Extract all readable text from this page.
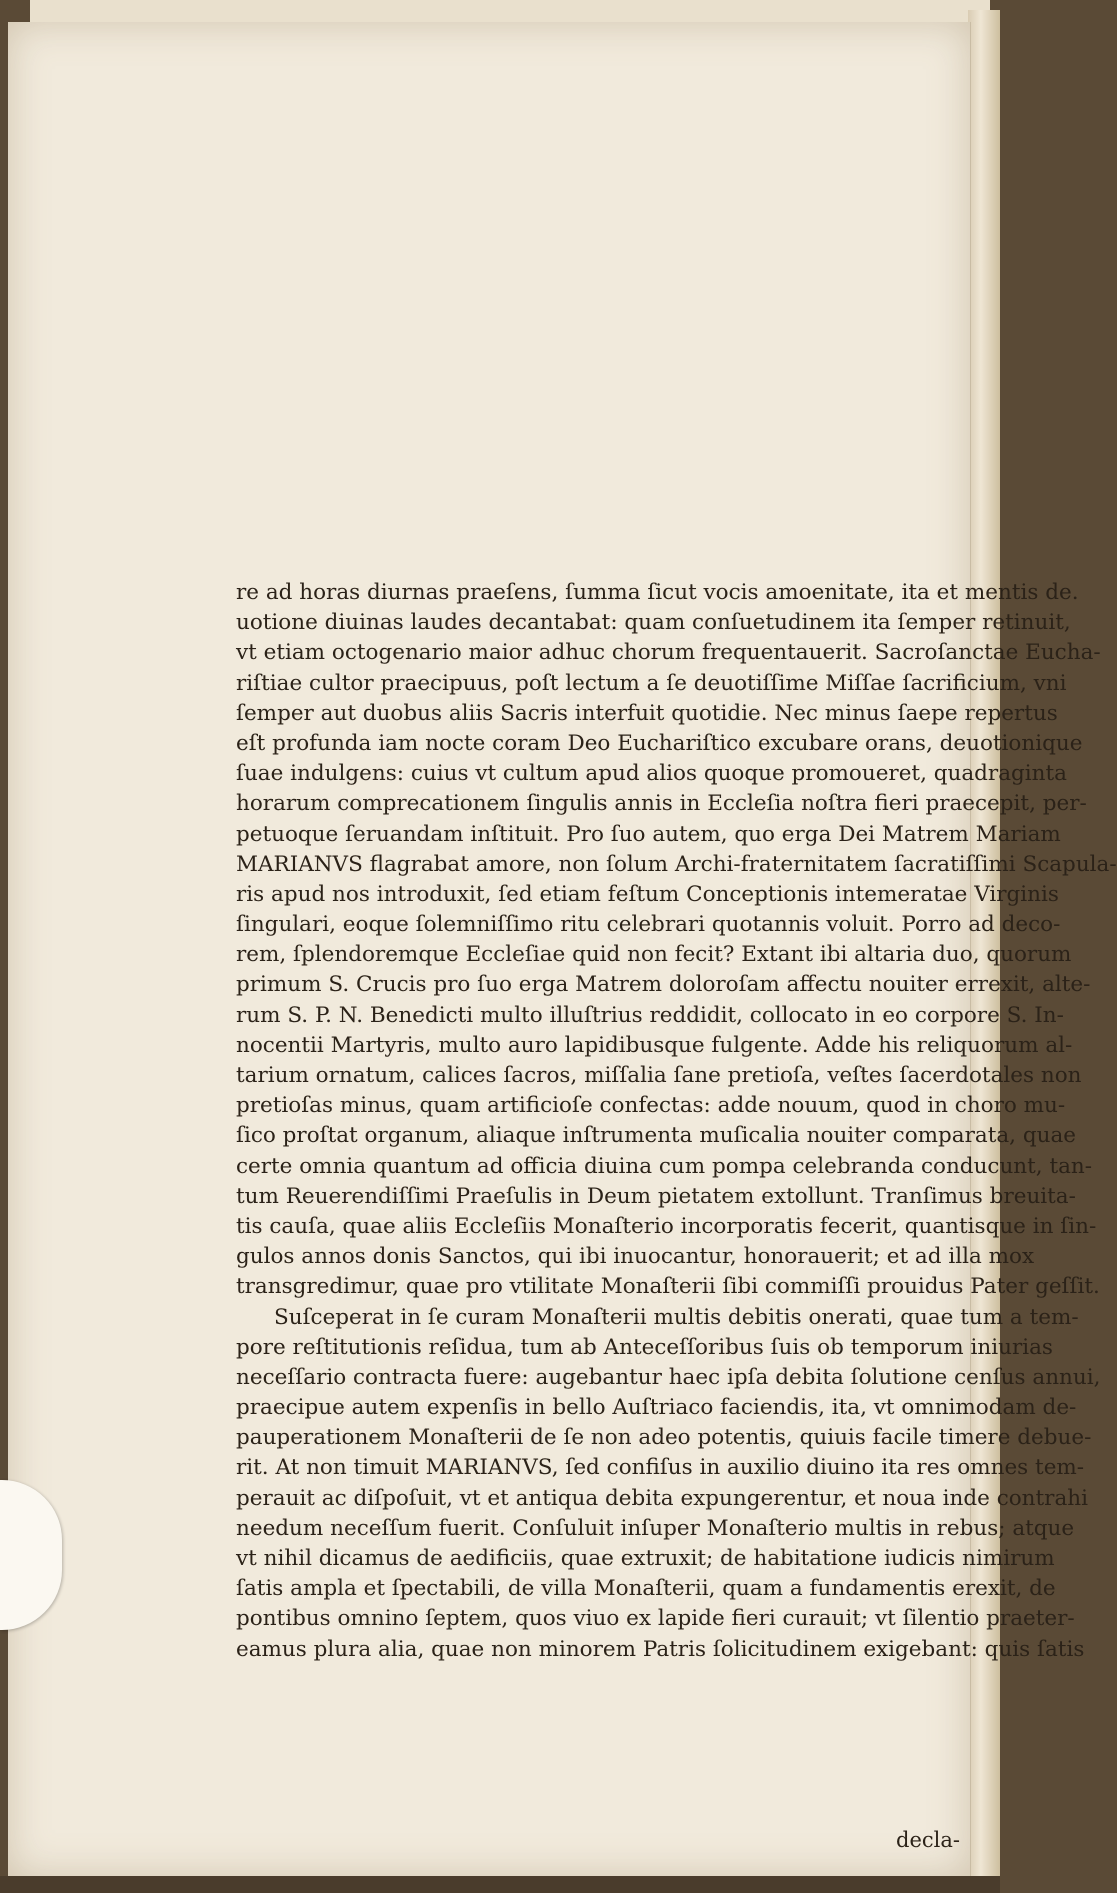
re ad horas diurnas praeſens, ſumma ſicut vocis amoenitate, ita et mentis de.
uotione diuinas laudes decantabat: quam conſuetudinem ita ſemper retinuit,
vt etiam octogenario maior adhuc chorum frequentauerit. Sacroſanctae Eucha-
riſtiae cultor praecipuus, poſt lectum a ſe deuotiſſime Miſſae ſacrificium, vni
ſemper aut duobus aliis Sacris interfuit quotidie. Nec minus ſaepe repertus
eſt profunda iam nocte coram Deo Euchariſtico excubare orans, deuotionique
ſuae indulgens: cuius vt cultum apud alios quoque promoueret, quadraginta
horarum comprecationem ſingulis annis in Eccleſia noſtra fieri praecepit, per-
petuoque ſeruandam inſtituit. Pro ſuo autem, quo erga Dei Matrem Mariam
MARIANVS flagrabat amore, non ſolum Archi-fraternitatem ſacratiſſimi Scapula-
ris apud nos introduxit, ſed etiam feſtum Conceptionis intemeratae Virginis
ſingulari, eoque ſolemniſſimo ritu celebrari quotannis voluit. Porro ad deco-
rem, ſplendoremque Eccleſiae quid non fecit? Extant ibi altaria duo, quorum
primum S. Crucis pro ſuo erga Matrem doloroſam affectu nouiter errexit, alte-
rum S. P. N. Benedicti multo illuſtrius reddidit, collocato in eo corpore S. In-
nocentii Martyris, multo auro lapidibusque fulgente. Adde his reliquorum al-
tarium ornatum, calices ſacros, miſſalia ſane pretioſa, veſtes ſacerdotales non
pretioſas minus, quam artificioſe confectas: adde nouum, quod in choro mu-
ſico proſtat organum, aliaque inſtrumenta muſicalia nouiter comparata, quae
certe omnia quantum ad officia diuina cum pompa celebranda conducunt, tan-
tum Reuerendiſſimi Praeſulis in Deum pietatem extollunt. Tranſimus breuita-
tis cauſa, quae aliis Eccleſiis Monaſterio incorporatis fecerit, quantisque in ſin-
gulos annos donis Sanctos, qui ibi inuocantur, honorauerit; et ad illa mox
transgredimur, quae pro vtilitate Monaſterii ſibi commiſſi prouidus Pater geſſit.
Suſceperat in ſe curam Monaſterii multis debitis onerati, quae tum a tem-
pore reſtitutionis reſidua, tum ab Anteceſſoribus ſuis ob temporum iniurias
neceſſario contracta fuere: augebantur haec ipſa debita ſolutione cenſus annui,
praecipue autem expenſis in bello Auſtriaco faciendis, ita, vt omnimodam de-
pauperationem Monaſterii de ſe non adeo potentis, quiuis facile timere debue-
rit. At non timuit MARIANVS, ſed confiſus in auxilio diuino ita res omnes tem-
perauit ac diſpoſuit, vt et antiqua debita expungerentur, et noua inde contrahi
needum neceſſum fuerit. Conſuluit inſuper Monaſterio multis in rebus; atque
vt nihil dicamus de aedificiis, quae extruxit; de habitatione iudicis nimirum
ſatis ampla et ſpectabili, de villa Monaſterii, quam a fundamentis erexit, de
pontibus omnino ſeptem, quos viuo ex lapide fieri curauit; vt ſilentio praeter-
eamus plura alia, quae non minorem Patris ſolicitudinem exigebant: quis ſatis
decla-
